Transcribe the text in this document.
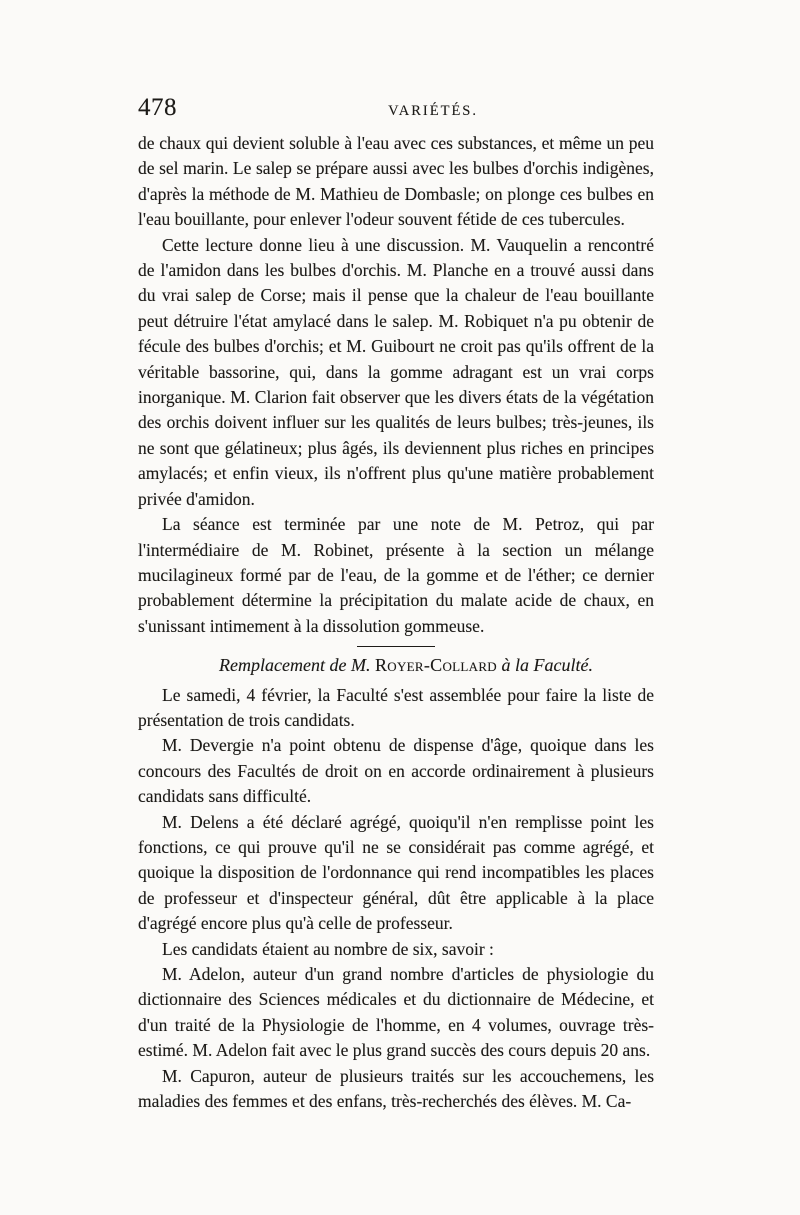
478	VARIÉTÉS.

de chaux qui devient soluble à l'eau avec ces substances, et même un peu de sel marin. Le salep se prépare aussi avec les bulbes d'orchis indigènes, d'après la méthode de M. Mathieu de Dombasle; on plonge ces bulbes en l'eau bouillante, pour enlever l'odeur souvent fétide de ces tubercules.

Cette lecture donne lieu à une discussion. M. Vauquelin a rencontré de l'amidon dans les bulbes d'orchis. M. Planche en a trouvé aussi dans du vrai salep de Corse; mais il pense que la chaleur de l'eau bouillante peut détruire l'état amylacé dans le salep. M. Robiquet n'a pu obtenir de fécule des bulbes d'orchis; et M. Guibourt ne croit pas qu'ils offrent de la véritable bassorine, qui, dans la gomme adragant est un vrai corps inorganique. M. Clarion fait observer que les divers états de la végétation des orchis doivent influer sur les qualités de leurs bulbes; très-jeunes, ils ne sont que gélatineux; plus âgés, ils deviennent plus riches en principes amylacés; et enfin vieux, ils n'offrent plus qu'une matière probablement privée d'amidon.

La séance est terminée par une note de M. Petroz, qui par l'intermédiaire de M. Robinet, présente à la section un mélange mucilagineux formé par de l'eau, de la gomme et de l'éther; ce dernier probablement détermine la précipitation du malate acide de chaux, en s'unissant intimement à la dissolution gommeuse.

Remplacement de M. Royer-Collard à la Faculté.

Le samedi, 4 février, la Faculté s'est assemblée pour faire la liste de présentation de trois candidats.

M. Devergie n'a point obtenu de dispense d'âge, quoique dans les concours des Facultés de droit on en accorde ordinairement à plusieurs candidats sans difficulté.

M. Delens a été déclaré agrégé, quoiqu'il n'en remplisse point les fonctions, ce qui prouve qu'il ne se considérait pas comme agrégé, et quoique la disposition de l'ordonnance qui rend incompatibles les places de professeur et d'inspecteur général, dût être applicable à la place d'agrégé encore plus qu'à celle de professeur.

Les candidats étaient au nombre de six, savoir :

M. Adelon, auteur d'un grand nombre d'articles de physiologie du dictionnaire des Sciences médicales et du dictionnaire de Médecine, et d'un traité de la Physiologie de l'homme, en 4 volumes, ouvrage très-estimé. M. Adelon fait avec le plus grand succès des cours depuis 20 ans.

M. Capuron, auteur de plusieurs traités sur les accouchemens, les maladies des femmes et des enfans, très-recherchés des élèves. M. Ca-
